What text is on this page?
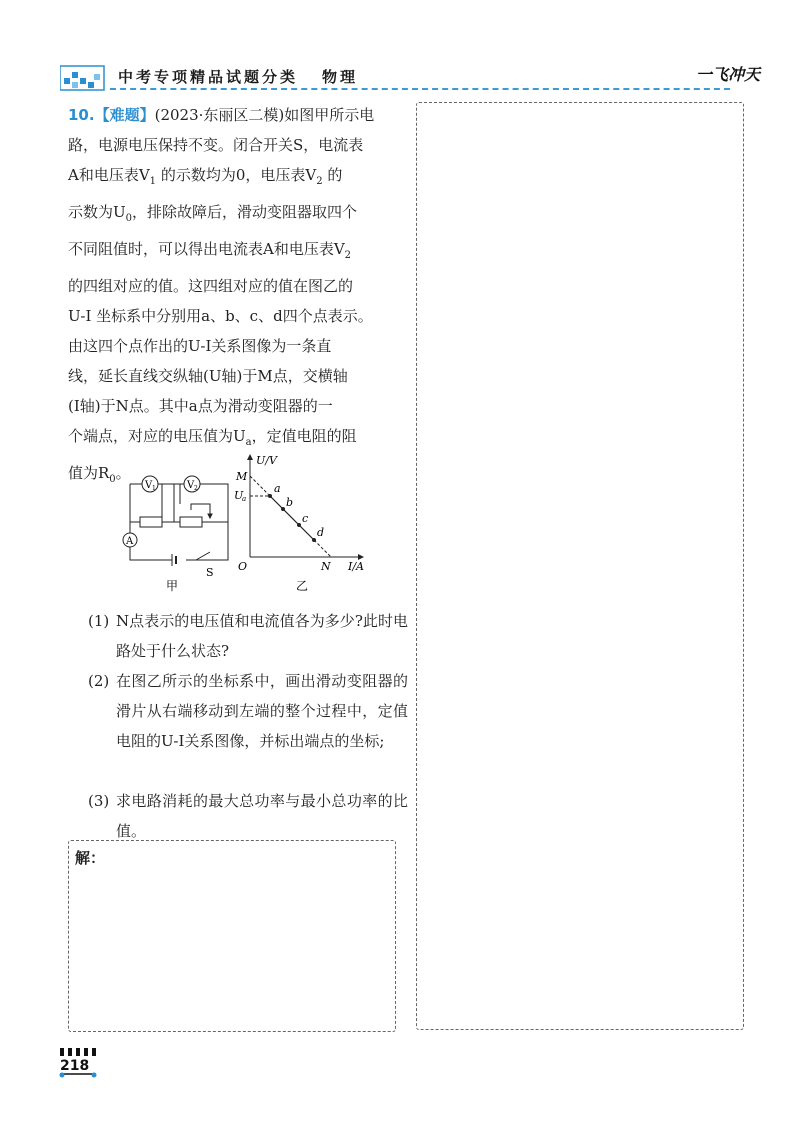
中考专项精品试题分类 物理	一飞冲天

10.【难题】(2023·东丽区二模)如图甲所示电

路，电源电压保持不变。闭合开关S，电流表

A和电压表$V_1$ 的示数均为0，电压表$V_2$ 的

示数为$U_0$，排除故障后，滑动变阻器取四个

不同阻值时，可以得出电流表A和电压表$V_2$

的四组对应的值。这四组对应的值在图乙的

U-I 坐标系中分别用a、b、c、d四个点表示。

由这四个点作出的U-I关系图像为一条直

线，延长直线交纵轴(U轴)于M点，交横轴

(I轴)于N点。其中a点为滑动变阻器的一

个端点，对应的电压值为$U_a$，定值电阻的阻

值为$R_0$。

V 1	V 2
A
S
甲
U/V
I/A
O
M
U
a
N
a
b
c
d
乙
(1) N点表示的电压值和电流值各为多少?此时电路处于什么状态?
(2) 在图乙所示的坐标系中，画出滑动变阻器的滑片从右端移动到左端的整个过程中，定值电阻的U-I关系图像，并标出端点的坐标;
(3) 求电路消耗的最大总功率与最小总功率的比值。
解：
218
